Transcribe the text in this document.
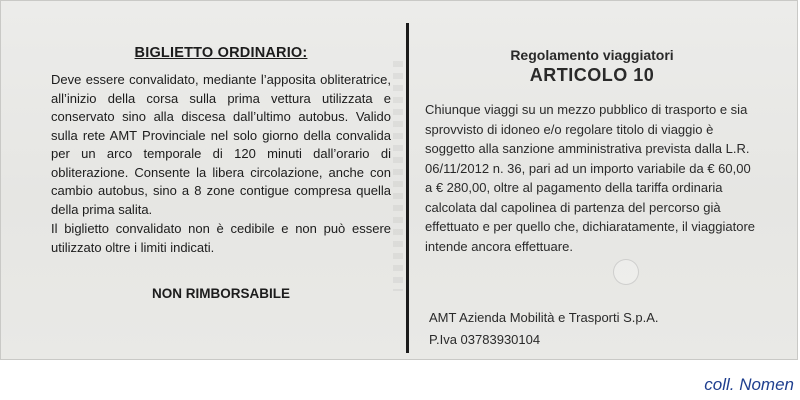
BIGLIETTO ORDINARIO:

Deve essere convalidato, mediante l’apposita obliteratrice, all’inizio della corsa sulla prima vettura utilizzata e conservato sino alla discesa dall’ultimo autobus. Valido sulla rete AMT Provinciale nel solo giorno della convalida per un arco temporale di 120 minuti dall’orario di obliterazione. Consente la libera circolazione, anche con cambio autobus, sino a 8 zone contigue compresa quella della prima salita.

Il biglietto convalidato non è cedibile e non può essere utilizzato oltre i limiti indicati.

NON RIMBORSABILE
Regolamento viaggiatori
ARTICOLO 10

Chiunque viaggi su un mezzo pubblico di trasporto e sia sprovvisto di idoneo e/o regolare titolo di viaggio è soggetto alla sanzione amministrativa prevista dalla L.R. 06/11/2012 n. 36, pari ad un importo variabile da € 60,00 a € 280,00, oltre al pagamento della tariffa ordinaria calcolata dal capolinea di partenza del percorso già effettuato e per quello che, dichiaratamente, il viaggiatore intende ancora effettuare.

AMT Azienda Mobilità e Trasporti S.p.A.
P.Iva 03783930104
coll. Nomen
